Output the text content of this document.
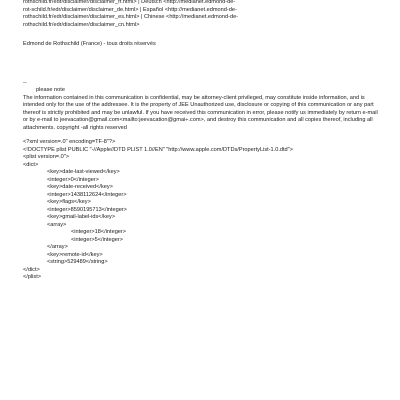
rothschild.fr/edr/disclaimer/disclaimer_fr.html> | Deutsch <http://medianet.edmond-de-
rot-schild.fr/edr/disclaimer/disclaimer_de.html> | Español <http://medianet.edmond-de-
rothschild.fr/edr/disclaimer/disclaimer_es.html> | Chinese <http://medianet.edmond-de-
rothschild.fr/edr/disclaimer/disclaimer_cn.html>
Edmond de Rothschild (France) - tous droits réservés
--
please note
The information contained in this communication is confidential, may be attorney-client privileged, may constitute inside information, and is intended only for the use of the addressee. It is the property of JEE Unauthorized use, disclosure or copying of this communication or any part thereof is strictly prohibited and may be unlawful. If you have received this communication in error, please notify us immediately by return e-mail or by e-mail to jeevacation@gmail.com<mailto:jeevacation@gmai÷.com>, and destroy this communication and all copies thereof, including all attachments. copyright -all rights reserved
<?xml version=.0" encoding=TF-8"?>
<!DOCTYPE plist PUBLIC "-//Apple//DTD PLIST 1.0//EN" "http://www.apple.com/DTDs/PropertyList-1.0.dtd">
<plist version=.0">
<dict>
<key>date-last-viewed</key>
<integer>0</integer>
<key>date-received</key>
<integer>1438112624</integer>
<key>flags</key>
<integer>8590195713</integer>
<key>gmail-label-ids</key>
<array>
<integer>18</integer>
<integer>5</integer>
</array>
<key>remote-id</key>
<string>529489</string>
</dict>
</plist>
